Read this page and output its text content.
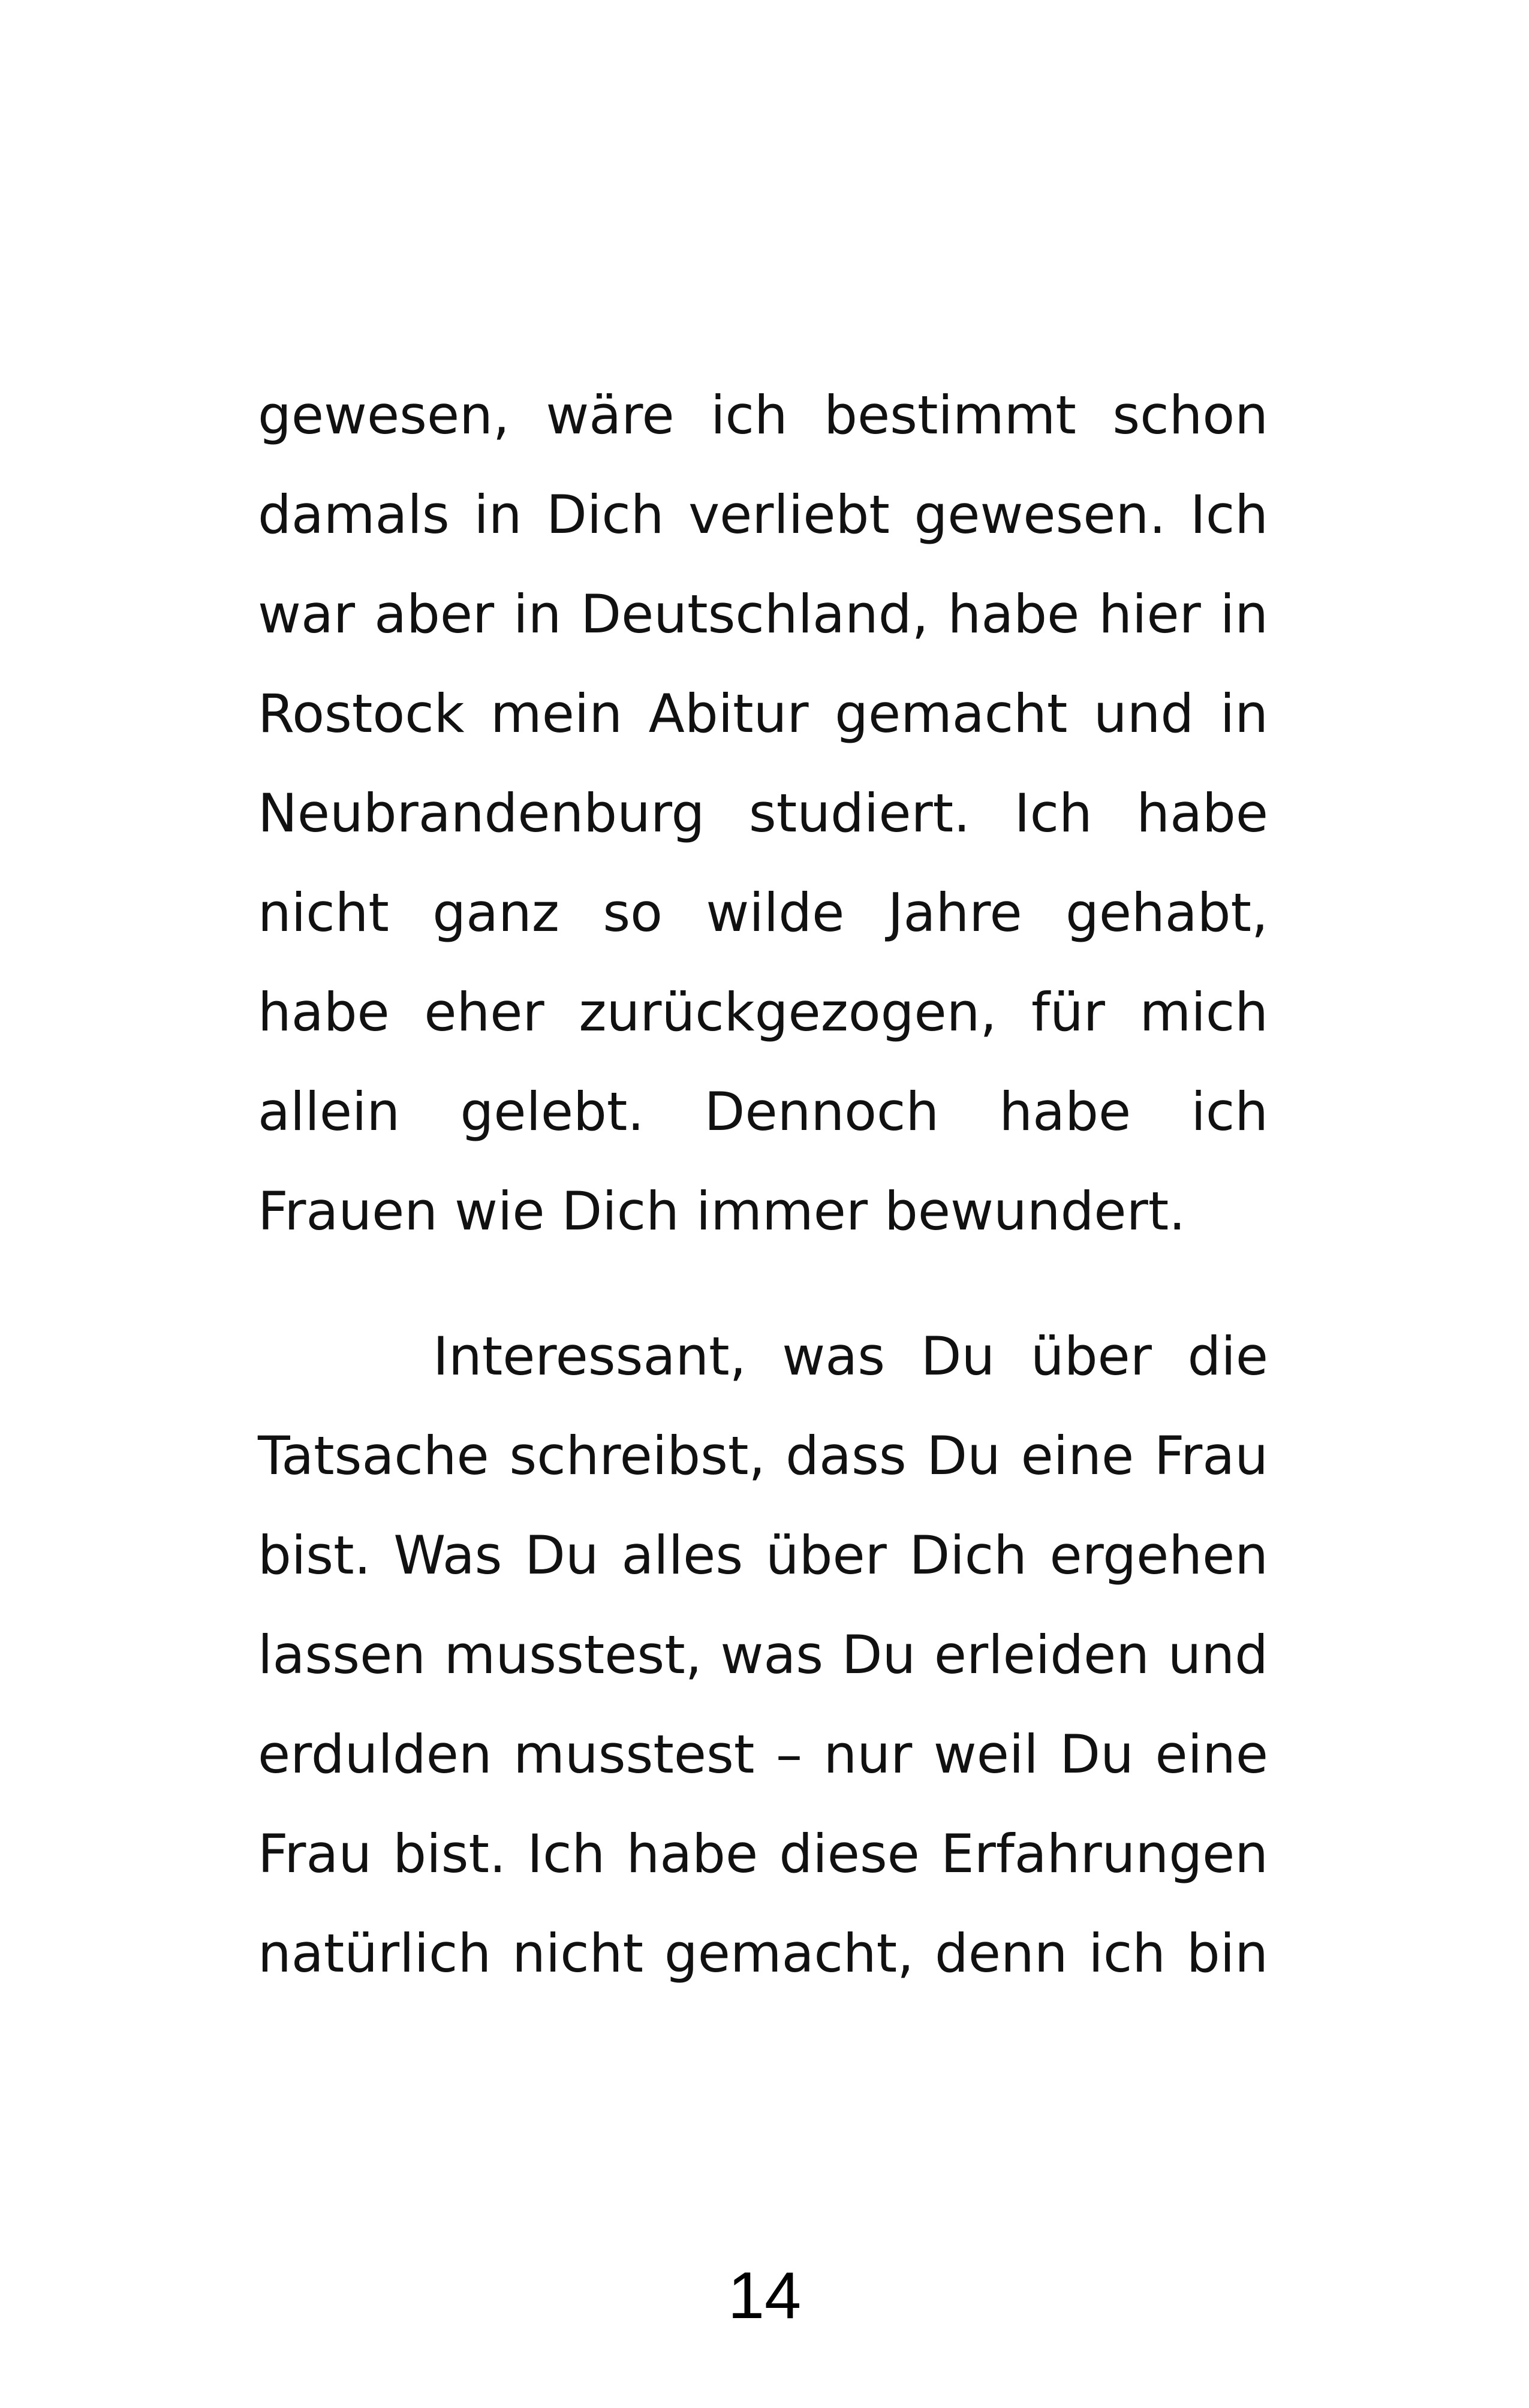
gewesen, wäre ich bestimmt schon
damals in Dich verliebt gewesen. Ich
war aber in Deutschland, habe hier in
Rostock mein Abitur gemacht und in
Neubrandenburg studiert. Ich habe
nicht ganz so wilde Jahre gehabt,
habe eher zurückgezogen, für mich
allein gelebt. Dennoch habe ich
Frauen wie Dich immer bewundert.
Interessant, was Du über die
Tatsache schreibst, dass Du eine Frau
bist. Was Du alles über Dich ergehen
lassen musstest, was Du erleiden und
erdulden musstest – nur weil Du eine
Frau bist. Ich habe diese Erfahrungen
natürlich nicht gemacht, denn ich bin
14
